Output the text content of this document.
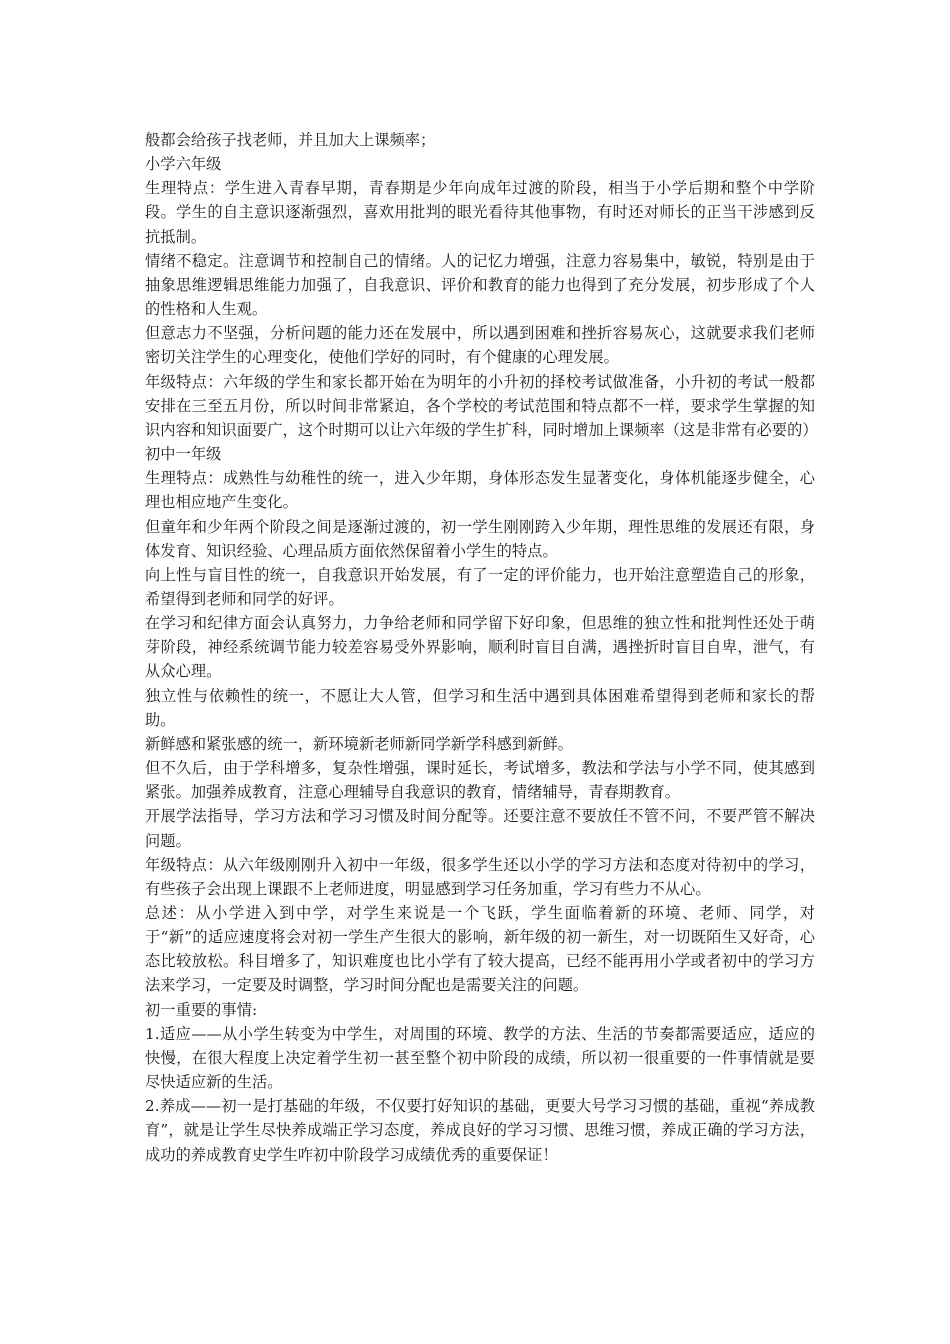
般都会给孩子找老师，并且加大上课频率；

小学六年级

生理特点：学生进入青春早期，青春期是少年向成年过渡的阶段，相当于小学后期和整个中学阶段。学生的自主意识逐渐强烈，喜欢用批判的眼光看待其他事物，有时还对师长的正当干涉感到反抗抵制。

情绪不稳定。注意调节和控制自己的情绪。人的记忆力增强，注意力容易集中，敏锐，特别是由于抽象思维逻辑思维能力加强了，自我意识、评价和教育的能力也得到了充分发展，初步形成了个人的性格和人生观。

但意志力不坚强，分析问题的能力还在发展中，所以遇到困难和挫折容易灰心，这就要求我们老师密切关注学生的心理变化，使他们学好的同时，有个健康的心理发展。

年级特点：六年级的学生和家长都开始在为明年的小升初的择校考试做准备，小升初的考试一般都安排在三至五月份，所以时间非常紧迫，各个学校的考试范围和特点都不一样，要求学生掌握的知识内容和知识面要广，这个时期可以让六年级的学生扩科，同时增加上课频率（这是非常有必要的）

初中一年级

生理特点：成熟性与幼稚性的统一，进入少年期，身体形态发生显著变化，身体机能逐步健全，心理也相应地产生变化。

但童年和少年两个阶段之间是逐渐过渡的，初一学生刚刚跨入少年期，理性思维的发展还有限，身体发育、知识经验、心理品质方面依然保留着小学生的特点。

向上性与盲目性的统一，自我意识开始发展，有了一定的评价能力，也开始注意塑造自己的形象，希望得到老师和同学的好评。

在学习和纪律方面会认真努力，力争给老师和同学留下好印象，但思维的独立性和批判性还处于萌芽阶段，神经系统调节能力较差容易受外界影响，顺利时盲目自满，遇挫折时盲目自卑，泄气，有从众心理。

独立性与依赖性的统一，不愿让大人管，但学习和生活中遇到具体困难希望得到老师和家长的帮助。

新鲜感和紧张感的统一，新环境新老师新同学新学科感到新鲜。

但不久后，由于学科增多，复杂性增强，课时延长，考试增多，教法和学法与小学不同，使其感到紧张。加强养成教育，注意心理辅导自我意识的教育，情绪辅导，青春期教育。

开展学法指导，学习方法和学习习惯及时间分配等。还要注意不要放任不管不问，不要严管不解决问题。

年级特点：从六年级刚刚升入初中一年级，很多学生还以小学的学习方法和态度对待初中的学习，有些孩子会出现上课跟不上老师进度，明显感到学习任务加重，学习有些力不从心。

总述：从小学进入到中学，对学生来说是一个飞跃，学生面临着新的环境、老师、同学，对于“新”的适应速度将会对初一学生产生很大的影响，新年级的初一新生，对一切既陌生又好奇，心态比较放松。科目增多了，知识难度也比小学有了较大提高，已经不能再用小学或者初中的学习方法来学习，一定要及时调整，学习时间分配也是需要关注的问题。

初一重要的事情:

1.适应——从小学生转变为中学生，对周围的环境、教学的方法、生活的节奏都需要适应，适应的快慢，在很大程度上决定着学生初一甚至整个初中阶段的成绩，所以初一很重要的一件事情就是要尽快适应新的生活。

2.养成——初一是打基础的年级，不仅要打好知识的基础，更要大号学习习惯的基础，重视“养成教育”，就是让学生尽快养成端正学习态度，养成良好的学习习惯、思维习惯，养成正确的学习方法，成功的养成教育史学生咋初中阶段学习成绩优秀的重要保证！
